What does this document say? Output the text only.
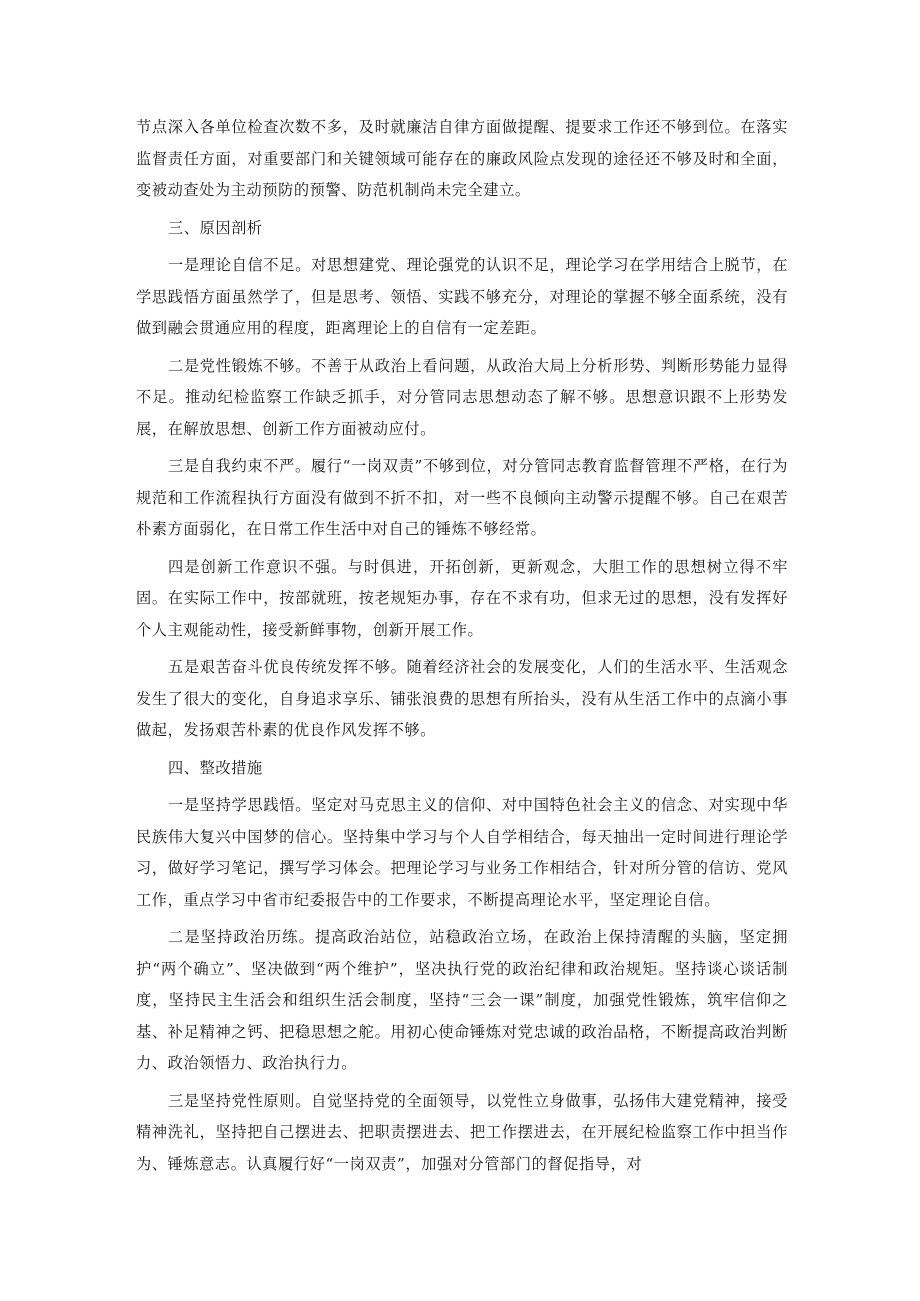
节点深入各单位检查次数不多，及时就廉洁自律方面做提醒、提要求工作还不够到位。在落实监督责任方面，对重要部门和关键领域可能存在的廉政风险点发现的途径还不够及时和全面，变被动查处为主动预防的预警、防范机制尚未完全建立。

三、原因剖析

一是理论自信不足。对思想建党、理论强党的认识不足，理论学习在学用结合上脱节，在学思践悟方面虽然学了，但是思考、领悟、实践不够充分，对理论的掌握不够全面系统，没有做到融会贯通应用的程度，距离理论上的自信有一定差距。

二是党性锻炼不够。不善于从政治上看问题，从政治大局上分析形势、判断形势能力显得不足。推动纪检监察工作缺乏抓手，对分管同志思想动态了解不够。思想意识跟不上形势发展，在解放思想、创新工作方面被动应付。

三是自我约束不严。履行“一岗双责”不够到位，对分管同志教育监督管理不严格，在行为规范和工作流程执行方面没有做到不折不扣，对一些不良倾向主动警示提醒不够。自己在艰苦朴素方面弱化，在日常工作生活中对自己的锤炼不够经常。

四是创新工作意识不强。与时俱进，开拓创新，更新观念，大胆工作的思想树立得不牢固。在实际工作中，按部就班，按老规矩办事，存在不求有功，但求无过的思想，没有发挥好个人主观能动性，接受新鲜事物，创新开展工作。

五是艰苦奋斗优良传统发挥不够。随着经济社会的发展变化，人们的生活水平、生活观念发生了很大的变化，自身追求享乐、铺张浪费的思想有所抬头，没有从生活工作中的点滴小事做起，发扬艰苦朴素的优良作风发挥不够。

四、整改措施

一是坚持学思践悟。坚定对马克思主义的信仰、对中国特色社会主义的信念、对实现中华民族伟大复兴中国梦的信心。坚持集中学习与个人自学相结合，每天抽出一定时间进行理论学习，做好学习笔记，撰写学习体会。把理论学习与业务工作相结合，针对所分管的信访、党风工作，重点学习中省市纪委报告中的工作要求，不断提高理论水平，坚定理论自信。

二是坚持政治历练。提高政治站位，站稳政治立场，在政治上保持清醒的头脑，坚定拥护“两个确立”、坚决做到“两个维护”，坚决执行党的政治纪律和政治规矩。坚持谈心谈话制度，坚持民主生活会和组织生活会制度，坚持“三会一课”制度，加强党性锻炼，筑牢信仰之基、补足精神之钙、把稳思想之舵。用初心使命锤炼对党忠诚的政治品格，不断提高政治判断力、政治领悟力、政治执行力。

三是坚持党性原则。自觉坚持党的全面领导，以党性立身做事，弘扬伟大建党精神，接受精神洗礼，坚持把自己摆进去、把职责摆进去、把工作摆进去，在开展纪检监察工作中担当作为、锤炼意志。认真履行好“一岗双责”，加强对分管部门的督促指导，对
